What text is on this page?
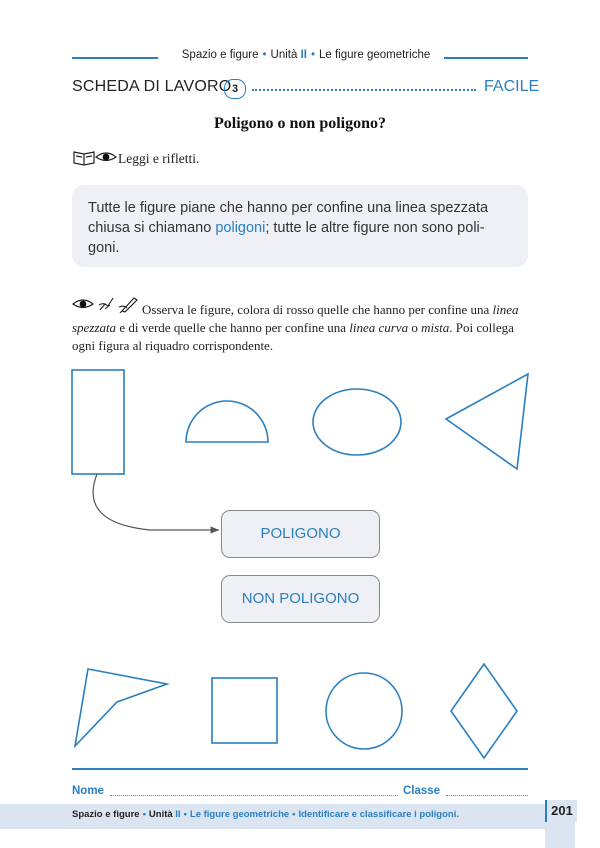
Spazio e figure • Unità II • Le figure geometriche
SCHEDA DI LAVORO 3	FACILE
Poligono o non poligono?
Leggi e rifletti.
Tutte le figure piane che hanno per confine una linea spezzata chiusa si chiamano poligoni; tutte le altre figure non sono poli-goni.
Osserva le figure, colora di rosso quelle che hanno per confine una linea spezzata e di verde quelle che hanno per confine una linea curva o mista. Poi collega ogni figura al riquadro corrispondente.
POLIGONO
NON POLIGONO
Nome	Classe
Spazio e figure • Unità II • Le figure geometriche • Identificare e classificare i poligoni.	201
